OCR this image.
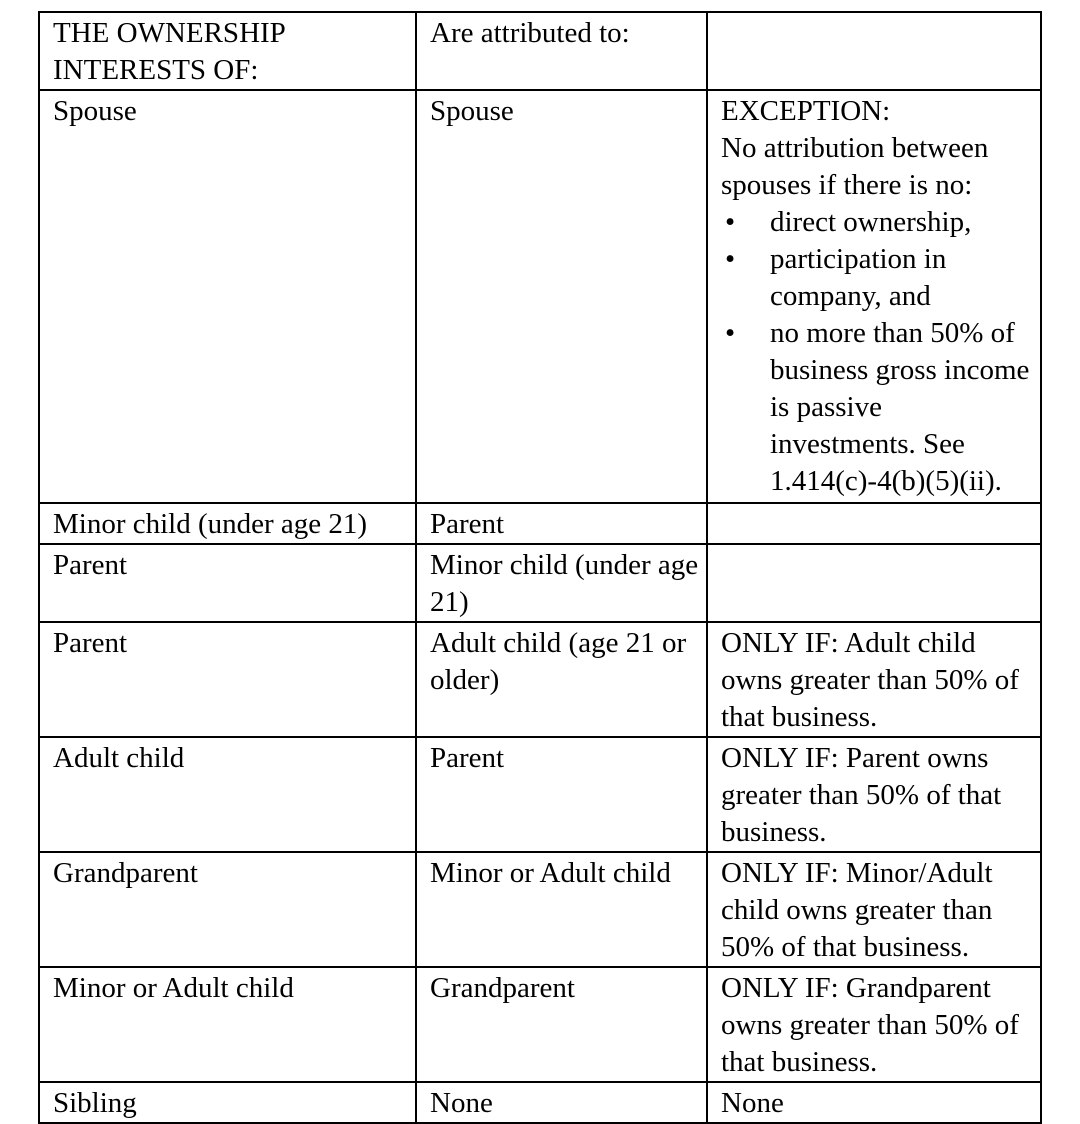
THE OWNERSHIP INTERESTS OF:	Are attributed to:	
Spouse	Spouse	EXCEPTION:
No attribution between spouses if there is no:
• direct ownership,
• participation in company, and
• no more than 50% of business gross income is passive investments. See 1.414(c)-4(b)(5)(ii).

Minor child (under age 21)	Parent	
Parent	Minor child (under age 21)	
Parent	Adult child (age 21 or older)	ONLY IF: Adult child owns greater than 50% of that business.
Adult child	Parent	ONLY IF: Parent owns greater than 50% of that business.
Grandparent	Minor or Adult child	ONLY IF: Minor/Adult child owns greater than 50% of that business.
Minor or Adult child	Grandparent	ONLY IF: Grandparent owns greater than 50% of that business.
Sibling	None	None
